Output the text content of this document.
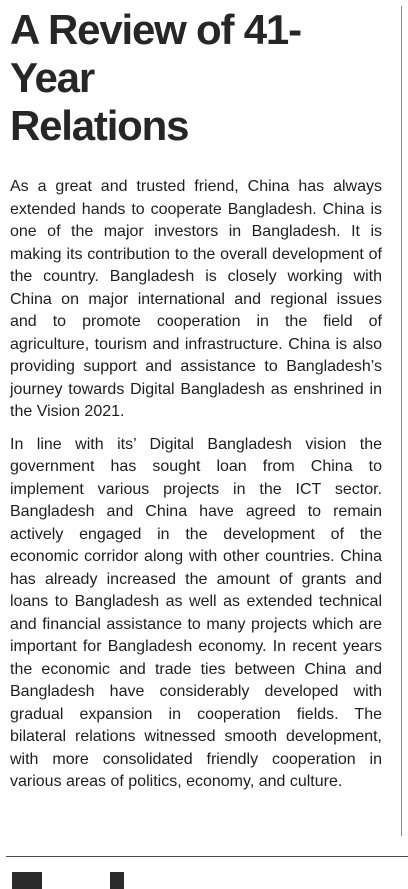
A Review of 41-Year
Relations

As a great and trusted friend, China has always extended hands to cooperate Bangladesh. China is one of the major investors in Bangladesh. It is making its contribution to the overall development of the country. Bangladesh is closely working with China on major international and regional issues and to promote cooperation in the field of agriculture, tourism and infrastructure. China is also providing support and assistance to Bangladesh’s journey towards Digital Bangladesh as enshrined in the Vision 2021.

In line with its’ Digital Bangladesh vision the government has sought loan from China to implement various projects in the ICT sector. Bangladesh and China have agreed to remain actively engaged in the development of the economic corridor along with other countries. China has already increased the amount of grants and loans to Bangladesh as well as extended technical and financial assistance to many projects which are important for Bangladesh economy. In recent years the economic and trade ties between China and Bangladesh have considerably developed with gradual expansion in cooperation fields. The bilateral relations witnessed smooth development, with more consolidated friendly cooperation in various areas of politics, economy, and culture.
